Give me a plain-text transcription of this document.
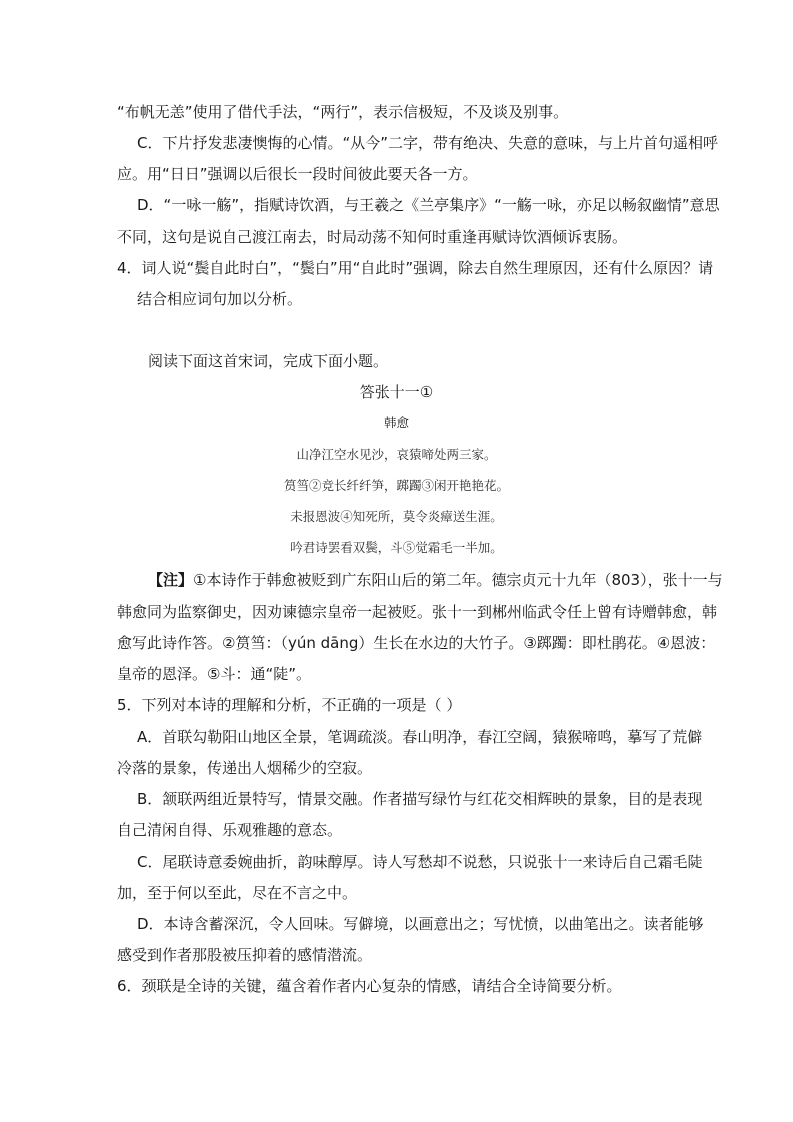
“布帆无恙”使用了借代手法，“两行”，表示信极短，不及谈及别事。
C．下片抒发悲凄懊悔的心情。“从今”二字，带有绝决、失意的意味，与上片首句遥相呼
应。用“日日”强调以后很长一段时间彼此要天各一方。
D．“一咏一觞”，指赋诗饮酒，与王羲之《兰亭集序》“一觞一咏，亦足以畅叙幽情”意思
不同，这句是说自己渡江南去，时局动荡不知何时重逢再赋诗饮酒倾诉衷肠。
4．词人说“鬓自此时白”，“鬓白”用“自此时”强调，除去自然生理原因，还有什么原因？请
结合相应词句加以分析。
阅读下面这首宋词，完成下面小题。
答张十一①
韩愈
山净江空水见沙，哀猿啼处两三家。
筼筜②竞长纤纤笋，踯躅③闲开艳艳花。
未报恩波④知死所，莫令炎瘴送生涯。
吟君诗罢看双鬓，斗⑤觉霜毛一半加。
【注】①本诗作于韩愈被贬到广东阳山后的第二年。德宗贞元十九年（803），张十一与
韩愈同为监察御史，因劝谏德宗皇帝一起被贬。张十一到郴州临武令任上曾有诗赠韩愈，韩
愈写此诗作答。②筼筜：（yún dāng）生长在水边的大竹子。③踯躅：即杜鹃花。④恩波：
皇帝的恩泽。⑤斗：通“陡”。
5．下列对本诗的理解和分析，不正确的一项是（ ）
A．首联勾勒阳山地区全景，笔调疏淡。春山明净，春江空阔，猿猴啼鸣，摹写了荒僻
冷落的景象，传递出人烟稀少的空寂。
B．颔联两组近景特写，情景交融。作者描写绿竹与红花交相辉映的景象，目的是表现
自己清闲自得、乐观雅趣的意态。
C．尾联诗意委婉曲折，韵味醇厚。诗人写愁却不说愁，只说张十一来诗后自己霜毛陡
加，至于何以至此，尽在不言之中。
D．本诗含蓄深沉，令人回味。写僻境，以画意出之；写忧愤，以曲笔出之。读者能够
感受到作者那股被压抑着的感情潜流。
6．颈联是全诗的关键，蕴含着作者内心复杂的情感，请结合全诗简要分析。
